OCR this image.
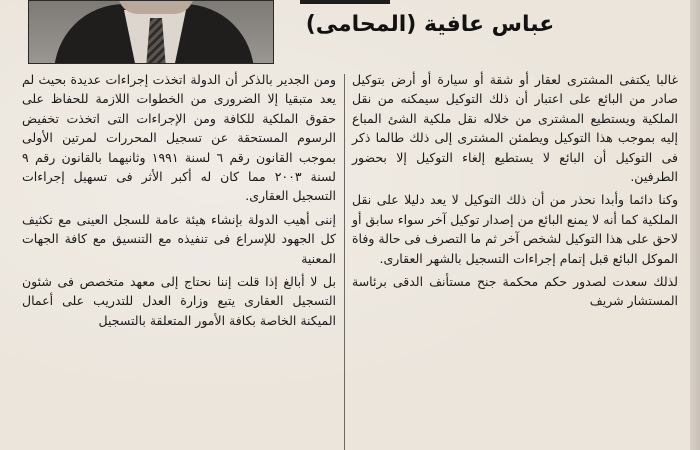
عباس عافية (المحامى)

غالبا يكتفى المشترى لعقار أو شقة أو سيارة أو أرض بتوكيل صادر من البائع على اعتبار أن ذلك التوكيل سيمكنه من نقل الملكية ويستطيع المشترى من خلاله نقل ملكية الشئ المباع إليه بموجب هذا التوكيل ويطمئن المشترى إلى ذلك طالما ذكر فى التوكيل أن البائع لا يستطيع إلغاء التوكيل إلا بحضور الطرفين.

وكنا دائما وأبدا نحذر من أن ذلك التوكيل لا يعد دليلا على نقل الملكية كما أنه لا يمنع البائع من إصدار توكيل آخر سواء سابق أو لاحق على هذا التوكيل لشخص آخر ثم ما التصرف فى حالة وفاة الموكل البائع قبل إتمام إجراءات التسجيل بالشهر العقارى.

لذلك سعدت لصدور حكم محكمة جنح مستأنف الدقى برئاسة المستشار شريف

ومن الجدير بالذكر أن الدولة اتخذت إجراءات عديدة بحيث لم يعد متبقيا إلا الضرورى من الخطوات اللازمة للحفاظ على حقوق الملكية للكافة ومن الإجراءات التى اتخذت تخفيض الرسوم المستحقة عن تسجيل المحررات لمرتين الأولى بموجب القانون رقم ٦ لسنة ١٩٩١ وثانيهما بالقانون رقم ٩ لسنة ٢٠٠٣ مما كان له أكبر الأثر فى تسهيل إجراءات التسجيل العقارى.

إننى أهيب الدولة بإنشاء هيئة عامة للسجل العينى مع تكثيف كل الجهود للإسراع فى تنفيذه مع التنسيق مع كافة الجهات المعنية

بل لا أبالغ إذا قلت إننا نحتاج إلى معهد متخصص فى شئون التسجيل العقارى يتبع وزارة العدل للتدريب على أعمال الميكنة الخاصة بكافة الأمور المتعلقة بالتسجيل
